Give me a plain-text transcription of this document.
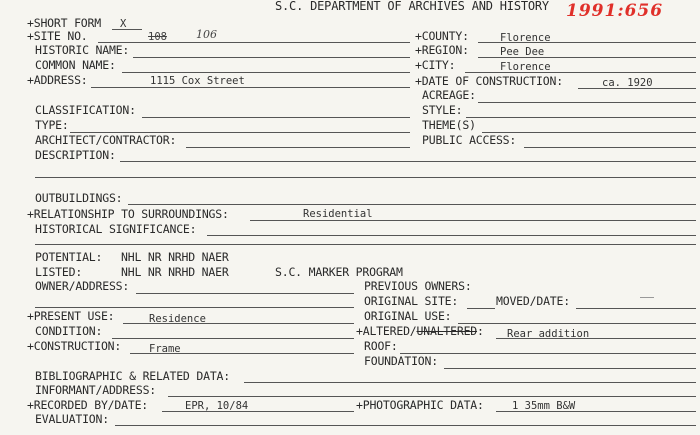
S.C. DEPARTMENT OF ARCHIVES AND HISTORY 1991:656
+SHORT FORM X
+SITE NO.	108	106
HISTORIC NAME:
COMMON NAME:
+ADDRESS:	1115 Cox Street
CLASSIFICATION:
TYPE:
ARCHITECT/CONTRACTOR:
DESCRIPTION:
OUTBUILDINGS:
+RELATIONSHIP TO SURROUNDINGS:	Residential
HISTORICAL SIGNIFICANCE:
POTENTIAL: NHL NR NRHD NAER
LISTED:	NHL NR NRHD NAER	S.C. MARKER PROGRAM
OWNER/ADDRESS:
+PRESENT USE:	Residence
CONDITION:
+CONSTRUCTION:	Frame
BIBLIOGRAPHIC & RELATED DATA:
INFORMANT/ADDRESS:
+RECORDED BY/DATE:	EPR, 10/84
EVALUATION:
+COUNTY:	Florence
+REGION:	Pee Dee
+CITY:	Florence
+DATE OF CONSTRUCTION:	ca. 1920
ACREAGE:
STYLE:
THEME(S)
PUBLIC ACCESS:
PREVIOUS OWNERS:
ORIGINAL SITE:	MOVED/DATE:
ORIGINAL USE:
+ALTERED/UNALTERED: Rear addition
ROOF:
FOUNDATION:
+PHOTOGRAPHIC DATA:	1 35mm B&W
